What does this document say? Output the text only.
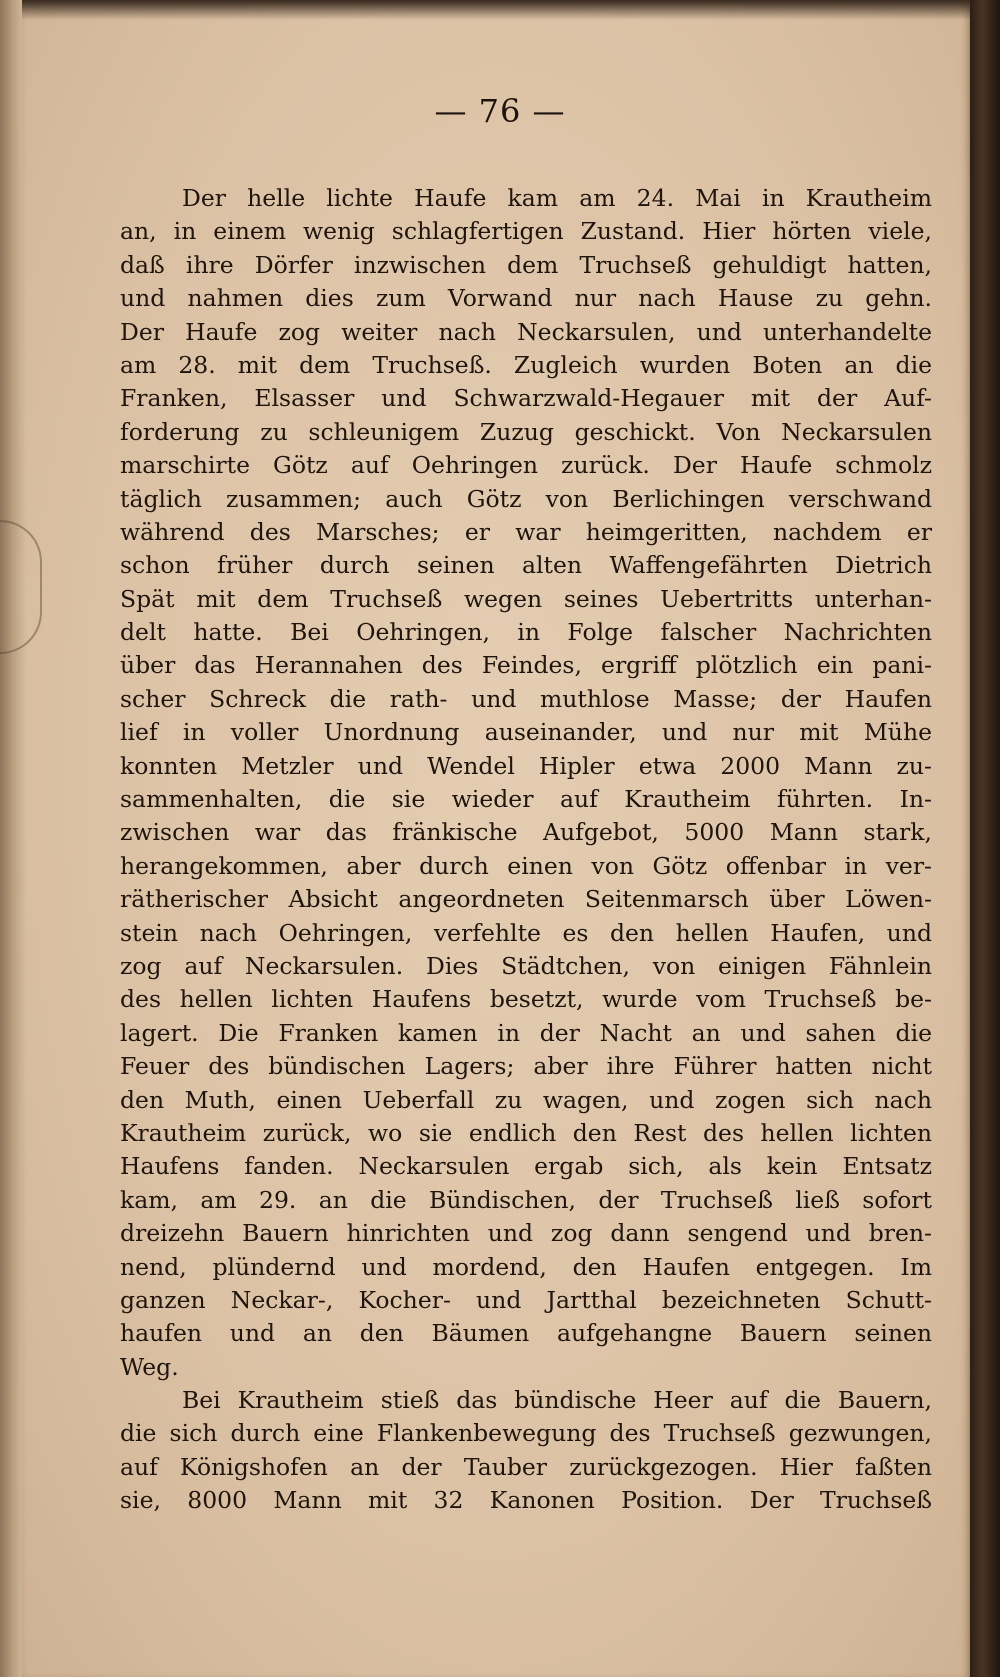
— 76 —
Der helle lichte Haufe kam am 24. Mai in Krautheim
an, in einem wenig schlagfertigen Zustand. Hier hörten viele,
daß ihre Dörfer inzwischen dem Truchseß gehuldigt hatten,
und nahmen dies zum Vorwand nur nach Hause zu gehn.
Der Haufe zog weiter nach Neckarsulen, und unterhandelte
am 28. mit dem Truchseß. Zugleich wurden Boten an die
Franken, Elsasser und Schwarzwald-Hegauer mit der Auf-
forderung zu schleunigem Zuzug geschickt. Von Neckarsulen
marschirte Götz auf Oehringen zurück. Der Haufe schmolz
täglich zusammen; auch Götz von Berlichingen verschwand
während des Marsches; er war heimgeritten, nachdem er
schon früher durch seinen alten Waffengefährten Dietrich
Spät mit dem Truchseß wegen seines Uebertritts unterhan-
delt hatte. Bei Oehringen, in Folge falscher Nachrichten
über das Herannahen des Feindes, ergriff plötzlich ein pani-
scher Schreck die rath- und muthlose Masse; der Haufen
lief in voller Unordnung auseinander, und nur mit Mühe
konnten Metzler und Wendel Hipler etwa 2000 Mann zu-
sammenhalten, die sie wieder auf Krautheim führten. In-
zwischen war das fränkische Aufgebot, 5000 Mann stark,
herangekommen, aber durch einen von Götz offenbar in ver-
rätherischer Absicht angeordneten Seitenmarsch über Löwen-
stein nach Oehringen, verfehlte es den hellen Haufen, und
zog auf Neckarsulen. Dies Städtchen, von einigen Fähnlein
des hellen lichten Haufens besetzt, wurde vom Truchseß be-
lagert. Die Franken kamen in der Nacht an und sahen die
Feuer des bündischen Lagers; aber ihre Führer hatten nicht
den Muth, einen Ueberfall zu wagen, und zogen sich nach
Krautheim zurück, wo sie endlich den Rest des hellen lichten
Haufens fanden. Neckarsulen ergab sich, als kein Entsatz
kam, am 29. an die Bündischen, der Truchseß ließ sofort
dreizehn Bauern hinrichten und zog dann sengend und bren-
nend, plündernd und mordend, den Haufen entgegen. Im
ganzen Neckar-, Kocher- und Jartthal bezeichneten Schutt-
haufen und an den Bäumen aufgehangne Bauern seinen
Weg.
Bei Krautheim stieß das bündische Heer auf die Bauern,
die sich durch eine Flankenbewegung des Truchseß gezwungen,
auf Königshofen an der Tauber zurückgezogen. Hier faßten
sie, 8000 Mann mit 32 Kanonen Position. Der Truchseß
